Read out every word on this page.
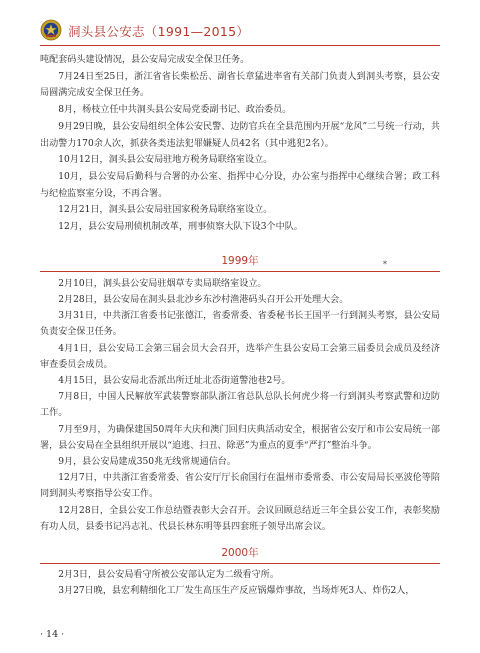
洞头县公安志（1991—2015）

吨配套码头建设情况，县公安局完成安全保卫任务。

7月24日至25日，浙江省省长柴松岳、副省长章猛进率省有关部门负责人到洞头考察，县公安局圆满完成安全保卫任务。

8月，杨枝立任中共洞头县公安局党委副书记、政治委员。

9月29日晚，县公安局组织全体公安民警、边防官兵在全县范围内开展“龙风”二号统一行动，共出动警力170余人次，抓获各类违法犯罪嫌疑人员42名（其中逃犯2名）。

10月12日，洞头县公安局驻地方税务局联络室设立。

10月，县公安局后勤科与合署的办公室、指挥中心分设，办公室与指挥中心继续合署；政工科与纪检监察室分设，不再合署。

12月21日，洞头县公安局驻国家税务局联络室设立。

12月，县公安局刑侦机制改革，刑事侦察大队下设3个中队。

1999年

2月10日，洞头县公安局驻烟草专卖局联络室设立。

2月28日，县公安局在洞头县北沙乡东沙村渔港码头召开公开处理大会。

3月31日，中共浙江省委书记张德江，省委常委、省委秘书长王国平一行到洞头考察，县公安局负责安全保卫任务。

4月1日，县公安局工会第三届会员大会召开，选举产生县公安局工会第三届委员会成员及经济审查委员会成员。

4月15日，县公安局北岙派出所迁址北岙街道警池巷2号。

7月8日，中国人民解放军武装警察部队浙江省总队总队长何虎少将一行到洞头考察武警和边防工作。

7月至9月，为确保建国50周年大庆和澳门回归庆典活动安全，根据省公安厅和市公安局统一部署，县公安局在全县组织开展以“追逃、扫丑、除恶”为重点的夏季“严打”整治斗争。

9月，县公安局建成350兆无线常规通信台。

12月7日，中共浙江省委常委、省公安厅厅长俞国行在温州市委常委、市公安局局长巫波伦等陪同到洞头考察指导公安工作。

12月28日，全县公安工作总结暨表彰大会召开。会议回顾总结近三年全县公安工作，表彰奖励有功人员，县委书记冯志礼、代县长林东明等县四套班子领导出席会议。

2000年

2月3日，县公安局看守所被公安部认定为二级看守所。

3月27日晚，县宏利精细化工厂发生高压生产反应锅爆炸事故，当场炸死3人、炸伤2人，

*
· 14 ·
